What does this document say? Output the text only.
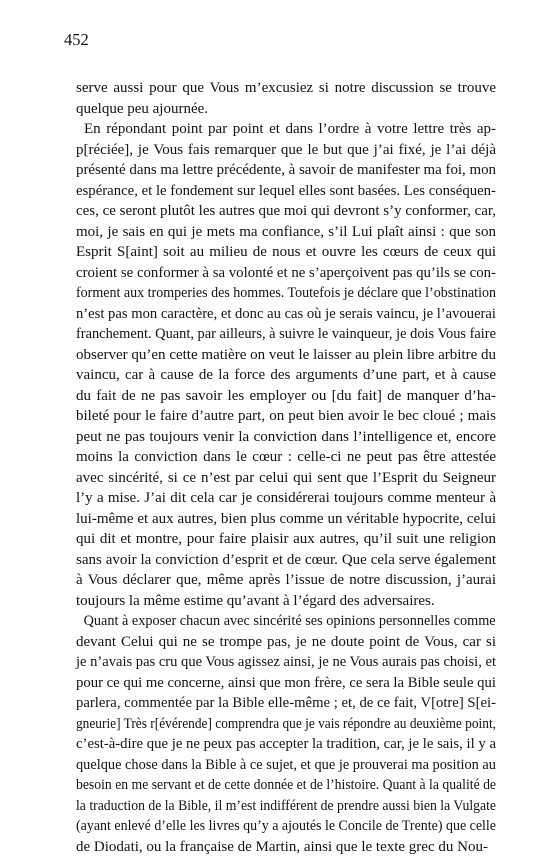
452
serve aussi pour que Vous m’excusiez si notre discussion se trouve
quelque peu ajournée.
En répondant point par point et dans l’ordre à votre lettre très ap-
p[réciée], je Vous fais remarquer que le but que j’ai fixé, je l’ai déjà
présenté dans ma lettre précédente, à savoir de manifester ma foi, mon
espérance, et le fondement sur lequel elles sont basées. Les conséquen-
ces, ce seront plutôt les autres que moi qui devront s’y conformer, car,
moi, je sais en qui je mets ma confiance, s’il Lui plaît ainsi : que son
Esprit S[aint] soit au milieu de nous et ouvre les cœurs de ceux qui
croient se conformer à sa volonté et ne s’aperçoivent pas qu’ils se con-
forment aux tromperies des hommes. Toutefois je déclare que l’obstination
n’est pas mon caractère, et donc au cas où je serais vaincu, je l’avouerai
franchement. Quant, par ailleurs, à suivre le vainqueur, je dois Vous faire
observer qu’en cette matière on veut le laisser au plein libre arbitre du
vaincu, car à cause de la force des arguments d’une part, et à cause
du fait de ne pas savoir les employer ou [du fait] de manquer d’ha-
bileté pour le faire d’autre part, on peut bien avoir le bec cloué ; mais
peut ne pas toujours venir la conviction dans l’intelligence et, encore
moins la conviction dans le cœur : celle-ci ne peut pas être attestée
avec sincérité, si ce n’est par celui qui sent que l’Esprit du Seigneur
l’y a mise. J’ai dit cela car je considérerai toujours comme menteur à
lui-même et aux autres, bien plus comme un véritable hypocrite, celui
qui dit et montre, pour faire plaisir aux autres, qu’il suit une religion
sans avoir la conviction d’esprit et de cœur. Que cela serve également
à Vous déclarer que, même après l’issue de notre discussion, j’aurai
toujours la même estime qu’avant à l’égard des adversaires.
Quant à exposer chacun avec sincérité ses opinions personnelles comme
devant Celui qui ne se trompe pas, je ne doute point de Vous, car si
je n’avais pas cru que Vous agissez ainsi, je ne Vous aurais pas choisi, et
pour ce qui me concerne, ainsi que mon frère, ce sera la Bible seule qui
parlera, commentée par la Bible elle-même ; et, de ce fait, V[otre] S[ei-
gneurie] Très r[évérende] comprendra que je vais répondre au deuxième point,
c’est-à-dire que je ne peux pas accepter la tradition, car, je le sais, il y a
quelque chose dans la Bible à ce sujet, et que je prouverai ma position au
besoin en me servant et de cette donnée et de l’histoire. Quant à la qualité de
la traduction de la Bible, il m’est indifférent de prendre aussi bien la Vulgate
(ayant enlevé d’elle les livres qu’y a ajoutés le Concile de Trente) que celle
de Diodati, ou la française de Martin, ainsi que le texte grec du Nou-
